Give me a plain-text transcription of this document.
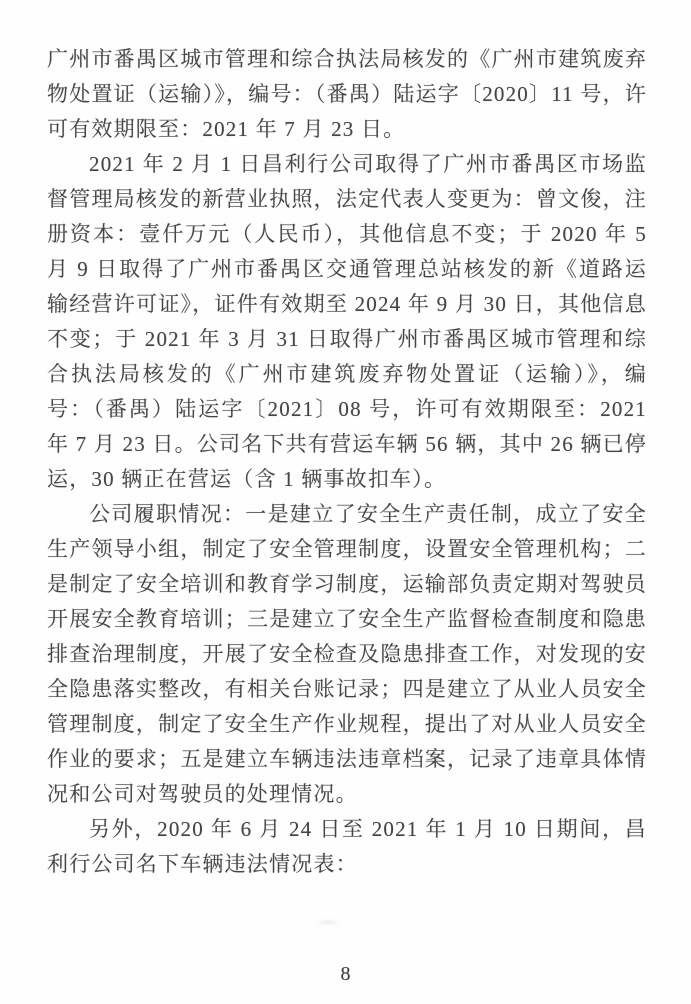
广州市番禺区城市管理和综合执法局核发的《广州市建筑废弃物处置证（运输）》，编号：（番禺）陆运字〔2020〕11 号，许可有效期限至：2021 年 7 月 23 日。

2021 年 2 月 1 日昌利行公司取得了广州市番禺区市场监督管理局核发的新营业执照，法定代表人变更为：曾文俊，注册资本：壹仟万元（人民币），其他信息不变；于 2020 年 5 月 9 日取得了广州市番禺区交通管理总站核发的新《道路运输经营许可证》，证件有效期至 2024 年 9 月 30 日，其他信息不变；于 2021 年 3 月 31 日取得广州市番禺区城市管理和综合执法局核发的《广州市建筑废弃物处置证（运输）》，编号：（番禺）陆运字〔2021〕08 号，许可有效期限至：2021 年 7 月 23 日。公司名下共有营运车辆 56 辆，其中 26 辆已停运，30 辆正在营运（含 1 辆事故扣车）。

公司履职情况：一是建立了安全生产责任制，成立了安全生产领导小组，制定了安全管理制度，设置安全管理机构；二是制定了安全培训和教育学习制度，运输部负责定期对驾驶员开展安全教育培训；三是建立了安全生产监督检查制度和隐患排查治理制度，开展了安全检查及隐患排查工作，对发现的安全隐患落实整改，有相关台账记录；四是建立了从业人员安全管理制度，制定了安全生产作业规程，提出了对从业人员安全作业的要求；五是建立车辆违法违章档案，记录了违章具体情况和公司对驾驶员的处理情况。

另外，2020 年 6 月 24 日至 2021 年 1 月 10 日期间，昌利行公司名下车辆违法情况表：

8
